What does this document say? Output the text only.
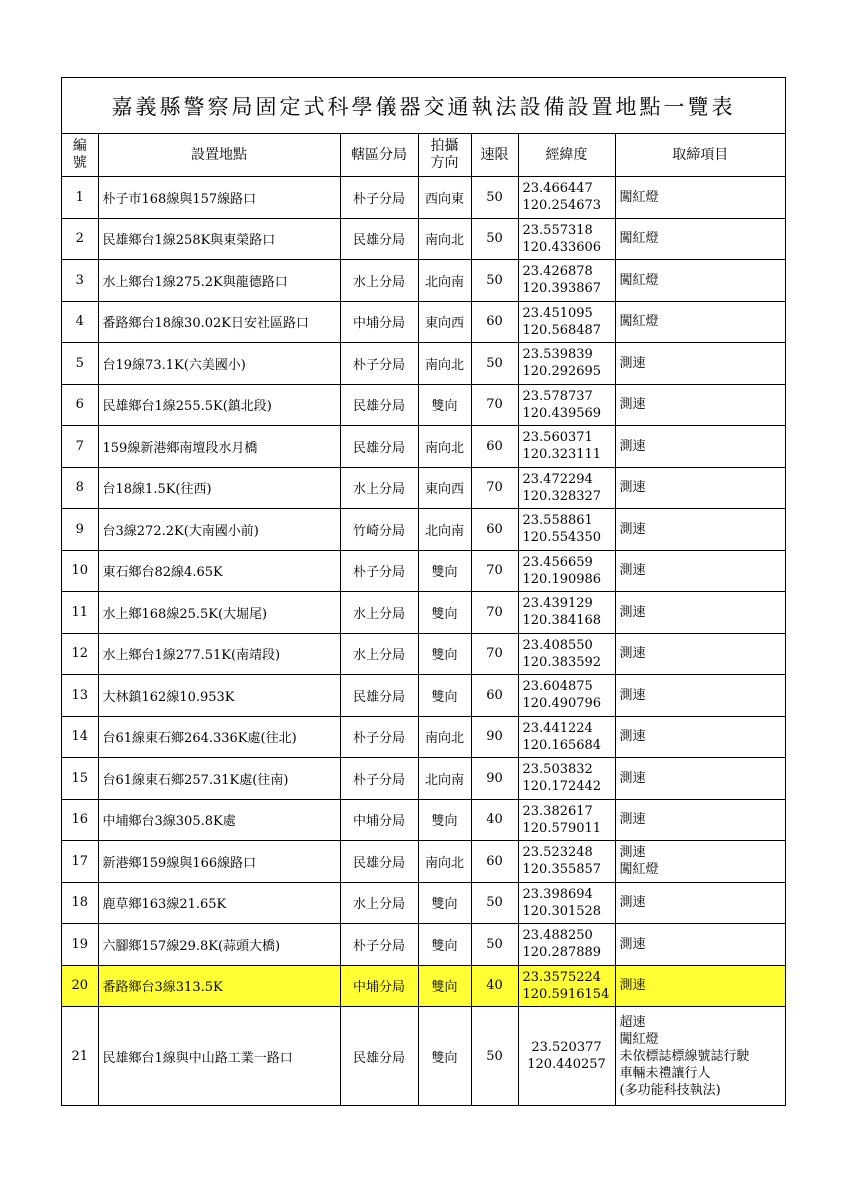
嘉義縣警察局固定式科學儀器交通執法設備設置地點一覽表
編
號	設置地點	轄區分局	拍攝
方向	速限	經緯度	取締項目
1	朴子市168線與157線路口	朴子分局	西向東	50	23.466447
120.254673	闖紅燈

2	民雄鄉台1線258K與東榮路口	民雄分局	南向北	50	23.557318
120.433606	闖紅燈

3	水上鄉台1線275.2K與龍德路口	水上分局	北向南	50	23.426878
120.393867	闖紅燈

4	番路鄉台18線30.02K日安社區路口	中埔分局	東向西	60	23.451095
120.568487	闖紅燈

5	台19線73.1K(六美國小)	朴子分局	南向北	50	23.539839
120.292695	測速

6	民雄鄉台1線255.5K(鎮北段)	民雄分局	雙向	70	23.578737
120.439569	測速

7	159線新港鄉南壇段水月橋	民雄分局	南向北	60	23.560371
120.323111	測速

8	台18線1.5K(往西)	水上分局	東向西	70	23.472294
120.328327	測速

9	台3線272.2K(大南國小前)	竹崎分局	北向南	60	23.558861
120.554350	測速

10	東石鄉台82線4.65K	朴子分局	雙向	70	23.456659
120.190986	測速

11	水上鄉168線25.5K(大堀尾)	水上分局	雙向	70	23.439129
120.384168	測速

12	水上鄉台1線277.51K(南靖段)	水上分局	雙向	70	23.408550
120.383592	測速

13	大林鎮162線10.953K	民雄分局	雙向	60	23.604875
120.490796	測速

14	台61線東石鄉264.336K處(往北)	朴子分局	南向北	90	23.441224
120.165684	測速

15	台61線東石鄉257.31K處(往南)	朴子分局	北向南	90	23.503832
120.172442	測速

16	中埔鄉台3線305.8K處	中埔分局	雙向	40	23.382617
120.579011	測速

17	新港鄉159線與166線路口	民雄分局	南向北	60	23.523248
120.355857	測速
闖紅燈

18	鹿草鄉163線21.65K	水上分局	雙向	50	23.398694
120.301528	測速

19	六腳鄉157線29.8K(蒜頭大橋)	朴子分局	雙向	50	23.488250
120.287889	測速

20	番路鄉台3線313.5K	中埔分局	雙向	40	23.3575224
120.5916154	測速

21	民雄鄉台1線與中山路工業一路口	民雄分局	雙向	50	23.520377
120.440257	超速
闖紅燈
未依標誌標線號誌行駛
車輛未禮讓行人
(多功能科技執法)
